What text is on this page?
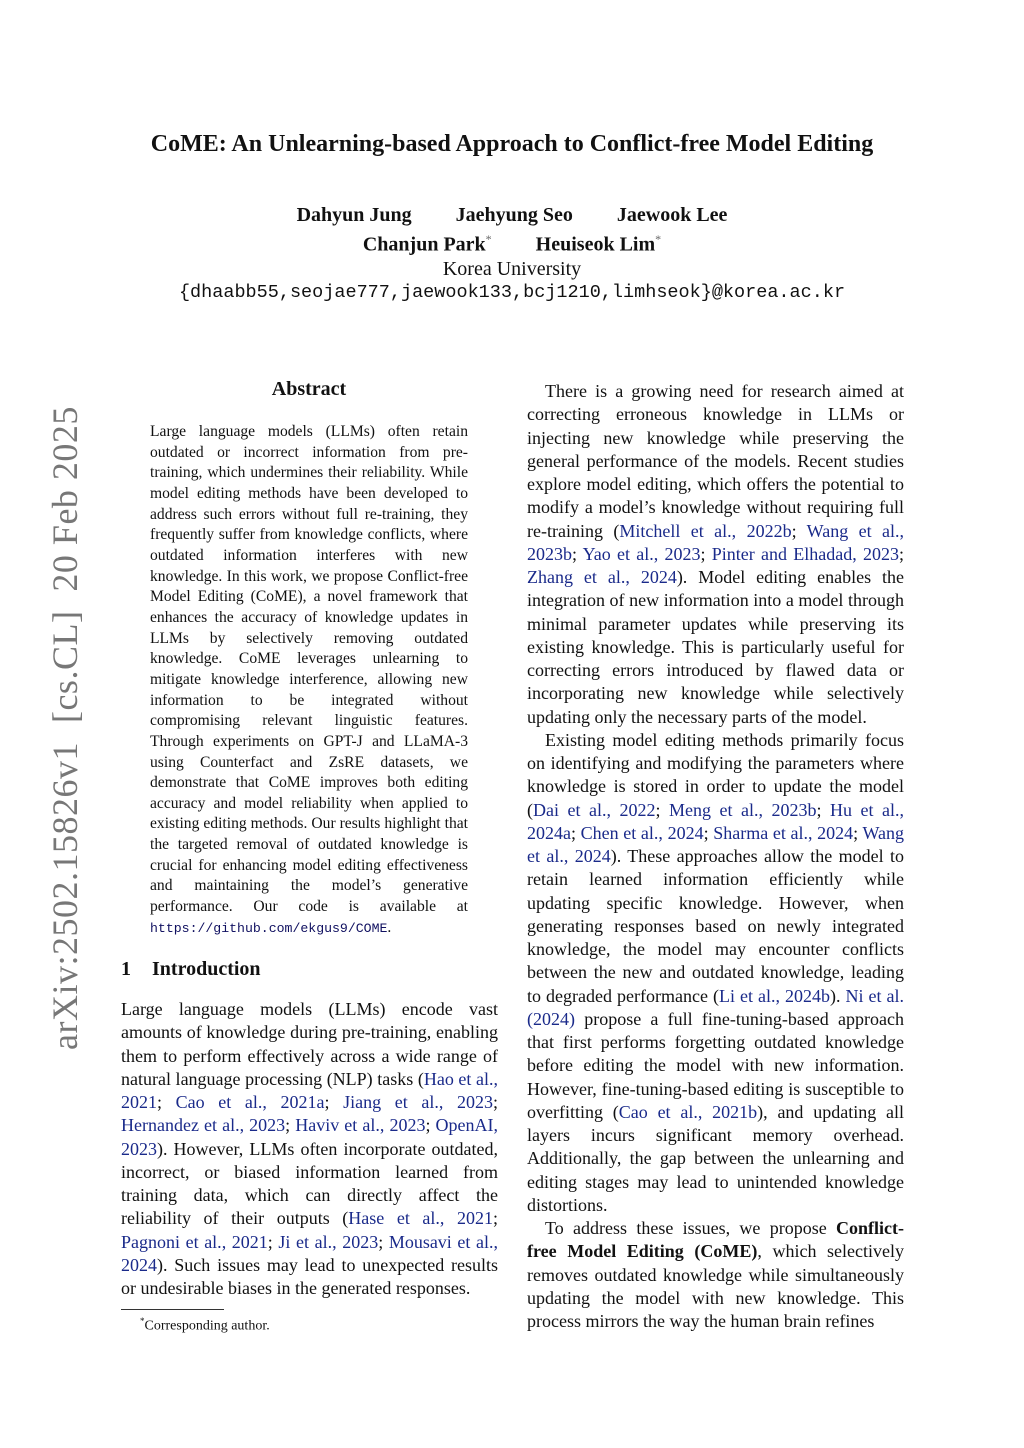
arXiv:2502.15826v1  [cs.CL]  20 Feb 2025
CoME: An Unlearning-based Approach to Conflict-free Model Editing
Dahyun Jung Jaehyung Seo Jaewook Lee
Chanjun Park* Heuiseok Lim*
Korea University
{dhaabb55,seojae777,jaewook133,bcj1210,limhseok}@korea.ac.kr
Abstract
Large language models (LLMs) often retain outdated or incorrect information from pre-training, which undermines their reliability. While model editing methods have been developed to address such errors without full re-training, they frequently suffer from knowledge conflicts, where outdated information interferes with new knowledge. In this work, we propose Conflict-free Model Editing (CoME), a novel framework that enhances the accuracy of knowledge updates in LLMs by selectively removing outdated knowledge. CoME leverages unlearning to mitigate knowledge interference, allowing new information to be integrated without compromising relevant linguistic features. Through experiments on GPT-J and LLaMA-3 using Counterfact and ZsRE datasets, we demonstrate that CoME improves both editing accuracy and model reliability when applied to existing editing methods. Our results highlight that the targeted removal of outdated knowledge is crucial for enhancing model editing effectiveness and maintaining the model’s generative performance. Our code is available at https://github.com/ekgus9/COME.
1 Introduction

Large language models (LLMs) encode vast amounts of knowledge during pre-training, enabling them to perform effectively across a wide range of natural language processing (NLP) tasks (Hao et al., 2021; Cao et al., 2021a; Jiang et al., 2023; Hernandez et al., 2023; Haviv et al., 2023; OpenAI, 2023). However, LLMs often incorporate outdated, incorrect, or biased information learned from training data, which can directly affect the reliability of their outputs (Hase et al., 2021; Pagnoni et al., 2021; Ji et al., 2023; Mousavi et al., 2024). Such issues may lead to unexpected results or undesirable biases in the generated responses.

*Corresponding author.

There is a growing need for research aimed at correcting erroneous knowledge in LLMs or injecting new knowledge while preserving the general performance of the models. Recent studies explore model editing, which offers the potential to modify a model’s knowledge without requiring full re-training (Mitchell et al., 2022b; Wang et al., 2023b; Yao et al., 2023; Pinter and Elhadad, 2023; Zhang et al., 2024). Model editing enables the integration of new information into a model through minimal parameter updates while preserving its existing knowledge. This is particularly useful for correcting errors introduced by flawed data or incorporating new knowledge while selectively updating only the necessary parts of the model.

Existing model editing methods primarily focus on identifying and modifying the parameters where knowledge is stored in order to update the model (Dai et al., 2022; Meng et al., 2023b; Hu et al., 2024a; Chen et al., 2024; Sharma et al., 2024; Wang et al., 2024). These approaches allow the model to retain learned information efficiently while updating specific knowledge. However, when generating responses based on newly integrated knowledge, the model may encounter conflicts between the new and outdated knowledge, leading to degraded performance (Li et al., 2024b). Ni et al. (2024) propose a full fine-tuning-based approach that first performs forgetting outdated knowledge before editing the model with new information. However, fine-tuning-based editing is susceptible to overfitting (Cao et al., 2021b), and updating all layers incurs significant memory overhead. Additionally, the gap between the unlearning and editing stages may lead to unintended knowledge distortions.

To address these issues, we propose Conflict-free Model Editing (CoME), which selectively removes outdated knowledge while simultaneously updating the model with new knowledge. This process mirrors the way the human brain refines
